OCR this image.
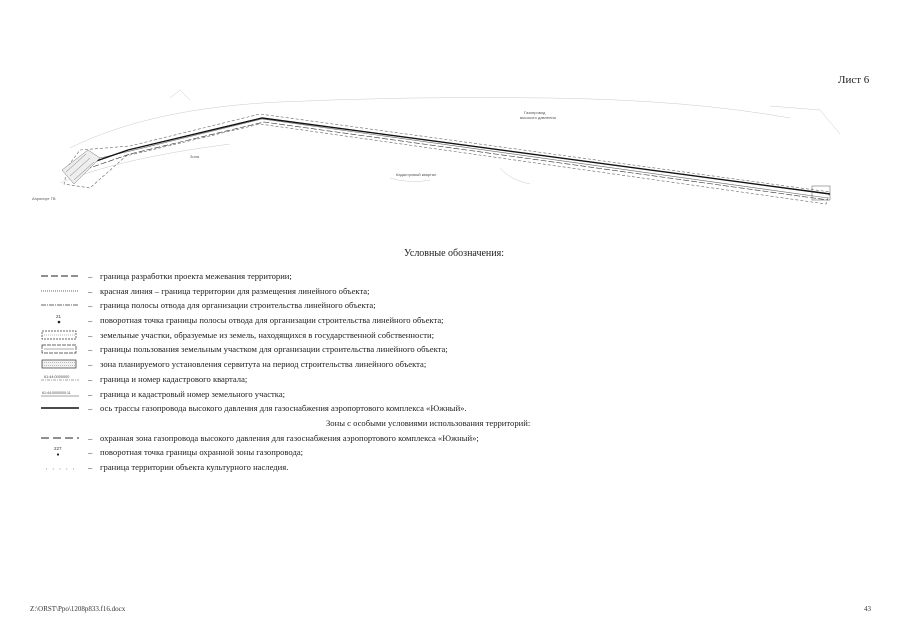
Лист 6
Газопровод
высокого давления
Аэропорт ГВ
Кадастровый квартал
Зона
Условные обозначения:
– граница разработки проекта межевания территории;
– красная линия – граница территории для размещения линейного объекта;
– граница полосы отвода для организации строительства линейного объекта;
21	– поворотная точка границы полосы отвода для организации строительства линейного объекта;
– земельные участки, образуемые из земель, находящихся в государственной собственности;
– границы пользования земельным участком для организации строительства линейного объекта;
– зона планируемого установления сервитута на период строительства линейного объекта;
61:44:0000000 – граница и номер кадастрового квартала;
61:44:0000000:11 – граница и кадастровый номер земельного участка;
– ось трассы газопровода высокого давления для газоснабжения аэропортового комплекса «Южный».
Зоны с особыми условиями использования территорий:
– охранная зона газопровода высокого давления для газоснабжения аэропортового комплекса «Южный»;
227	– поворотная точка границы охранной зоны газопровода;
– граница территории объекта культурного наследия.
Z:\ORST\Ppo\1208p833.f16.docx	43
